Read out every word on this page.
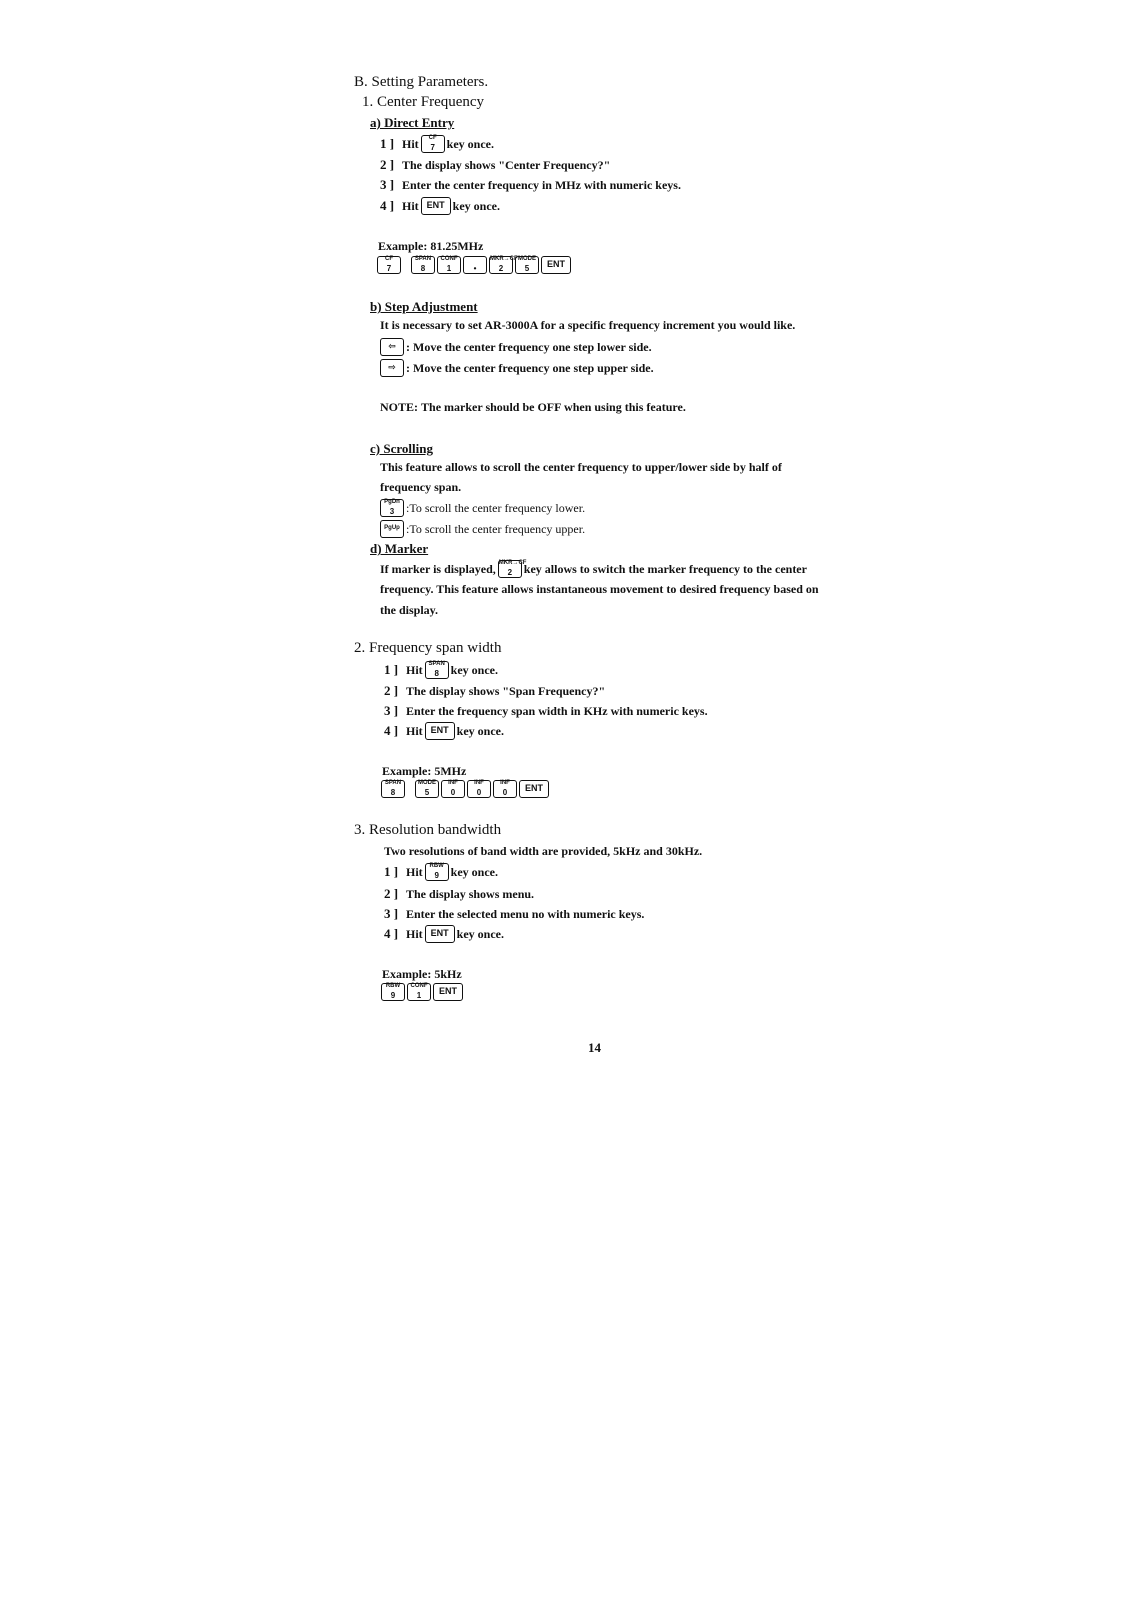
B. Setting Parameters.
1. Center Frequency
a) Direct Entry
1 ] Hit	CF
7 key once.
2 ] The display shows "Center Frequency?"
3 ] Enter the center frequency in MHz with numeric keys.
4 ] Hit ENT key once.
Example: 81.25MHz
CF
7
SPAN
8
CONF
1	•
MKR→CF
2
MODE
5	ENT
b) Step Adjustment
It is necessary to set AR-3000A for a specific frequency increment you would like.
⇦ : Move the center frequency one step lower side.
⇨ : Move the center frequency one step upper side.
NOTE:
The marker should be OFF when using this feature.
c) Scrolling
This feature allows to scroll the center frequency to upper/lower side by half of
frequency span.
PgDn
3 :To scroll the center frequency lower.
PgUp :To scroll the center frequency upper.
d) Marker
If marker is displayed, MKR→CF
2 key allows to switch the marker frequency to the center
frequency. This feature allows instantaneous movement to desired frequency based on
the display.
2. Frequency span width
1 ] Hit SPAN
8 key once.
2 ] The display shows "Span Frequency?"
3 ] Enter the frequency span width in KHz with numeric keys.
4 ] Hit ENT key once.
Example: 5MHz
SPAN
8
MODE
5
INF
0
INF
0
INF
0	ENT
3. Resolution bandwidth
Two resolutions of band width are provided, 5kHz and 30kHz.
1 ] Hit	RBW
9 key once.
2 ] The display shows menu.
3 ] Enter the selected menu no with numeric keys.
4 ] Hit ENT key once.
Example: 5kHz
RBW
9
CONF
1	ENT
14
